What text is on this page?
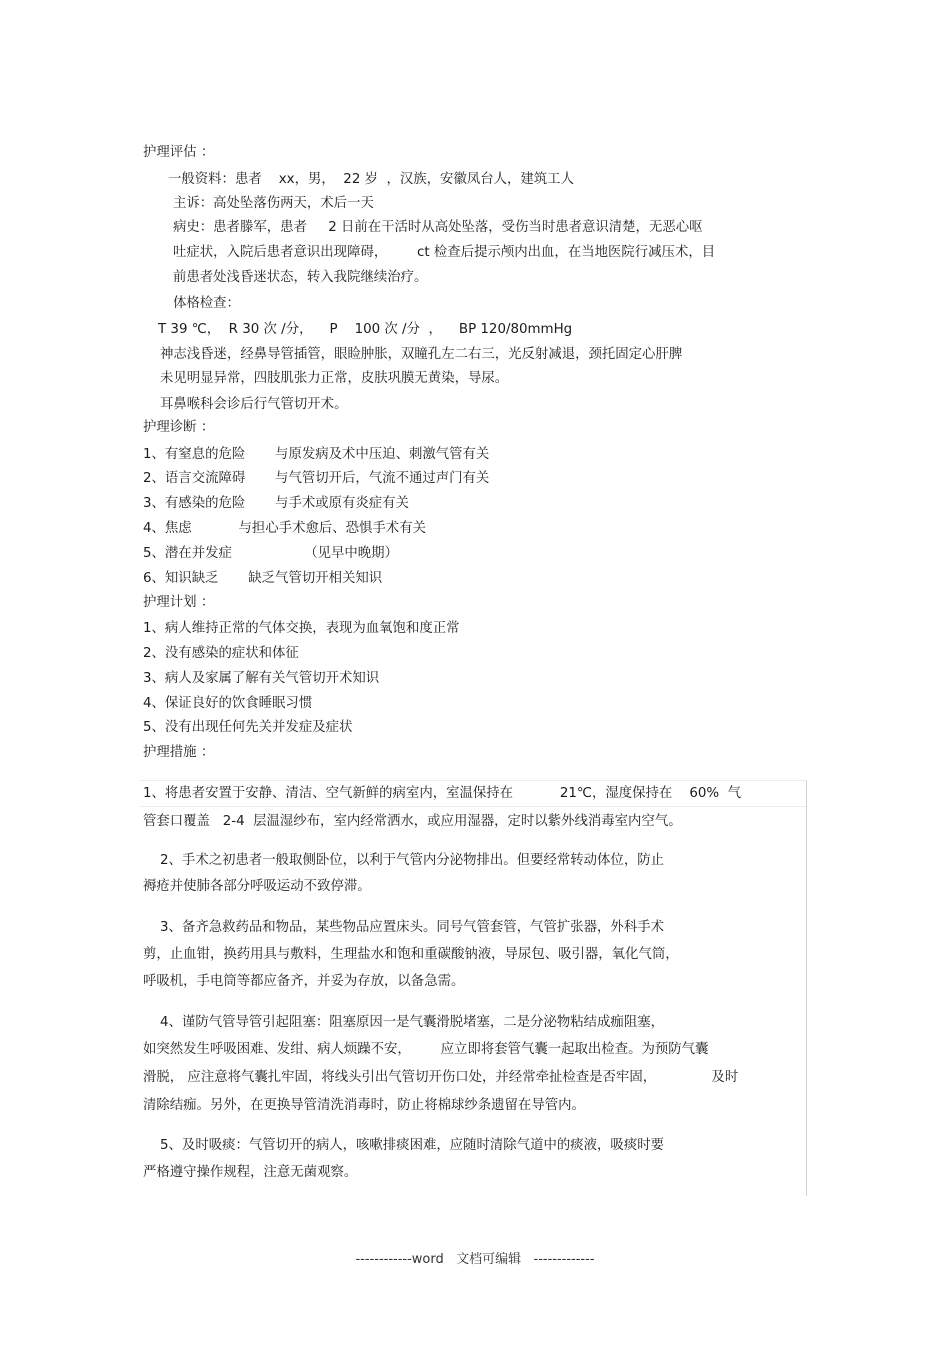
护理评估 ：
一般资料：患者    xx，男，  22 岁  ，汉族，安徽凤台人，建筑工人
主诉：高处坠落伤两天，术后一天
病史：患者滕军，患者     2 日前在干活时从高处坠落，受伤当时患者意识清楚，无恶心呕
吐症状，入院后患者意识出现障碍，       ct 检查后提示颅内出血，在当地医院行减压术，目
前患者处浅昏迷状态，转入我院继续治疗。
体格检查：
T 39 ℃，  R 30 次 /分，    P    100 次 /分  ，    BP 120/80mmHg
神志浅昏迷，经鼻导管插管，眼睑肿胀，双瞳孔左二右三，光反射减退，颈托固定心肝脾
未见明显异常，四肢肌张力正常，皮肤巩膜无黄染，导尿。
耳鼻喉科会诊后行气管切开术。
护理诊断 ：
1、有窒息的危险       与原发病及术中压迫、刺激气管有关
2、语言交流障碍       与气管切开后，气流不通过声门有关
3、有感染的危险       与手术或原有炎症有关
4、焦虑           与担心手术愈后、恐惧手术有关
5、潜在并发症                 （见早中晚期）
6、知识缺乏       缺乏气管切开相关知识
护理计划 ：
1、病人维持正常的气体交换，表现为血氧饱和度正常
2、没有感染的症状和体征
3、病人及家属了解有关气管切开术知识
4、保证良好的饮食睡眠习惯
5、没有出现任何先关并发症及症状
护理措施 ：
1、将患者安置于安静、清洁、空气新鲜的病室内，室温保持在           21℃，湿度保持在    60%  气
管套口覆盖   2-4  层温湿纱布，室内经常洒水，或应用湿器，定时以紫外线消毒室内空气。
2、手术之初患者一般取侧卧位，以利于气管内分泌物排出。但要经常转动体位，防止
褥疮并使肺各部分呼吸运动不致停滞。
3、备齐急救药品和物品，某些物品应置床头。同号气管套管，气管扩张器，外科手术
剪，止血钳，换药用具与敷料，生理盐水和饱和重碳酸钠液，导尿包、吸引器，氧化气筒，
呼吸机，手电筒等都应备齐，并妥为存放，以备急需。
4、谨防气管导管引起阻塞：阻塞原因一是气囊滑脱堵塞，二是分泌物粘结成痂阻塞，
如突然发生呼吸困难、发绀、病人烦躁不安，       应立即将套管气囊一起取出检查。为预防气囊
滑脱， 应注意将气囊扎牢固，将线头引出气管切开伤口处，并经常牵扯检查是否牢固，             及时
清除结痂。另外，在更换导管清洗消毒时，防止将棉球纱条遗留在导管内。
5、及时吸痰：气管切开的病人，咳嗽排痰困难，应随时清除气道中的痰液，吸痰时要
严格遵守操作规程，注意无菌观察。
------------word   文档可编辑   -------------
